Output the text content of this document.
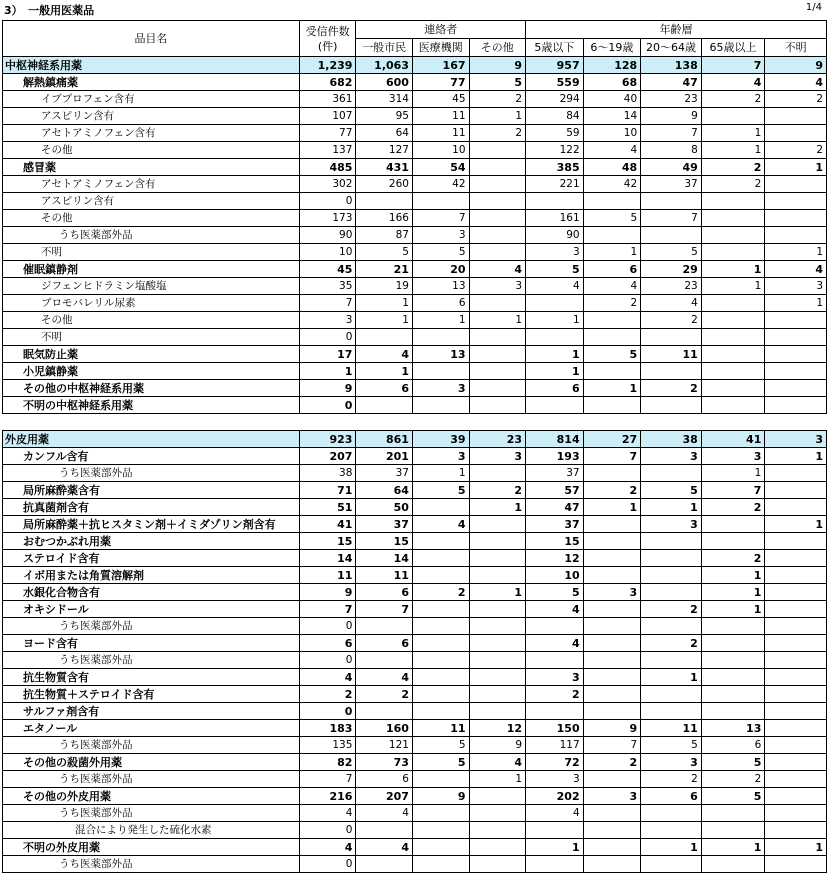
3）　一般用医薬品	1/4
品目名	受信件数
(件)	連絡者			年齢層				
		一般市民	医療機関	その他	5歳以下	6～19歳	20～64歳	65歳以上	不明
中枢神経系用薬	1,239	1,063	167	9	957	128	138	7	9
解熱鎮痛薬	682	600	77	5	559	68	47	4	4
イブプロフェン含有	361	314	45	2	294	40	23	2	2
アスピリン含有	107	95	11	1	84	14	9		
アセトアミノフェン含有	77	64	11	2	59	10	7	1	
その他	137	127	10		122	4	8	1	2
感冒薬	485	431	54		385	48	49	2	1
アセトアミノフェン含有	302	260	42		221	42	37	2	
アスピリン含有	0								
その他	173	166	7		161	5	7		
うち医薬部外品	90	87	3		90				
不明	10	5	5		3	1	5		1
催眠鎮静剤	45	21	20	4	5	6	29	1	4
ジフェンヒドラミン塩酸塩	35	19	13	3	4	4	23	1	3
ブロモバレリル尿素	7	1	6			2	4		1
その他	3	1	1	1	1		2		
不明	0								
眠気防止薬	17	4	13		1	5	11		
小児鎮静薬	1	1			1				
その他の中枢神経系用薬	9	6	3		6	1	2		
不明の中枢神経系用薬	0								

外皮用薬	923	861	39	23	814	27	38	41	3
カンフル含有	207	201	3	3	193	7	3	3	1
うち医薬部外品	38	37	1		37			1	
局所麻酔薬含有	71	64	5	2	57	2	5	7	
抗真菌剤含有	51	50		1	47	1	1	2	
局所麻酔薬＋抗ヒスタミン剤＋イミダゾリン剤含有	41	37	4		37		3		1
おむつかぶれ用薬	15	15			15				
ステロイド含有	14	14			12			2	
イボ用または角質溶解剤	11	11			10			1	
水銀化合物含有	9	6	2	1	5	3		1	
オキシドール	7	7			4		2	1	
うち医薬部外品	0								
ヨード含有	6	6			4		2		
うち医薬部外品	0								
抗生物質含有	4	4			3		1		
抗生物質＋ステロイド含有	2	2			2				
サルファ剤含有	0								
エタノール	183	160	11	12	150	9	11	13	
うち医薬部外品	135	121	5	9	117	7	5	6	
その他の殺菌外用薬	82	73	5	4	72	2	3	5	
うち医薬部外品	7	6		1	3		2	2	
その他の外皮用薬	216	207	9		202	3	6	5	
うち医薬部外品	4	4			4				
混合により発生した硫化水素	0								
不明の外皮用薬	4	4			1		1	1	1
うち医薬部外品	0								
